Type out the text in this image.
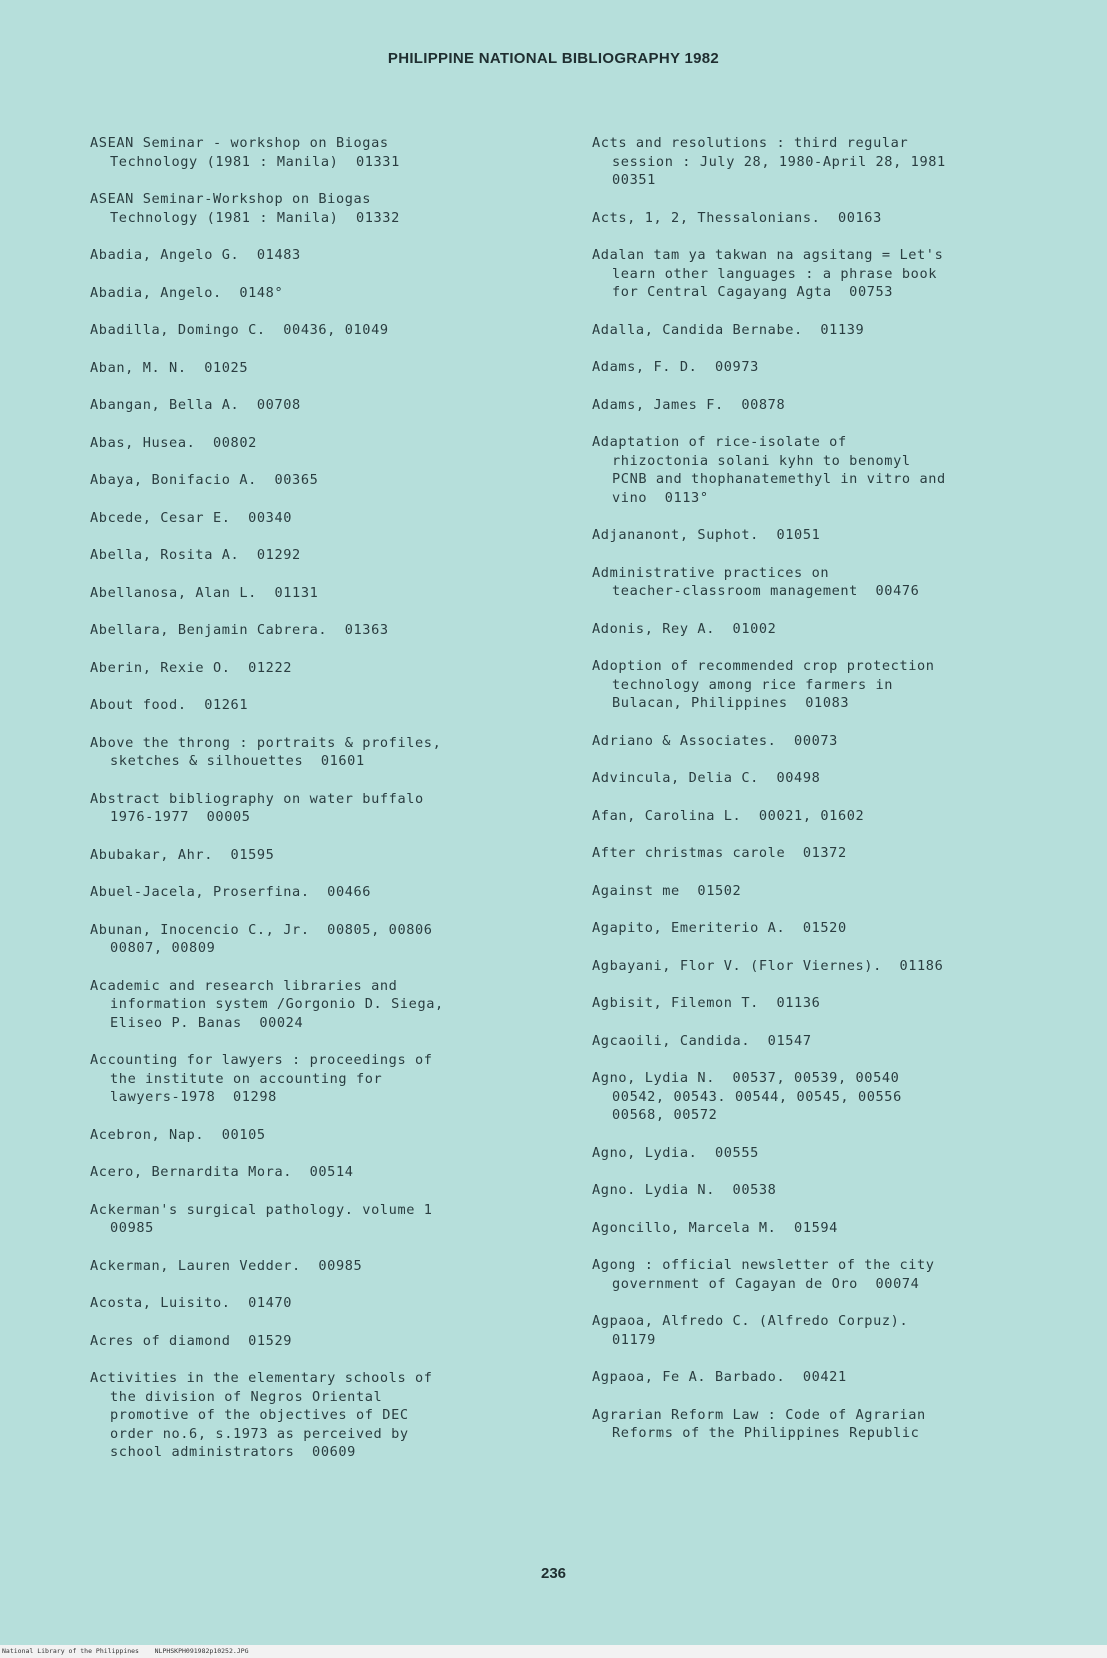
PHILIPPINE NATIONAL BIBLIOGRAPHY 1982
ASEAN Seminar - workshop on Biogas
Technology (1981 : Manila)  01331
ASEAN Seminar-Workshop on Biogas
Technology (1981 : Manila)  01332
Abadia, Angelo G.  01483
Abadia, Angelo.  0148°
Abadilla, Domingo C.  00436, 01049
Aban, M. N.  01025
Abangan, Bella A.  00708
Abas, Husea.  00802
Abaya, Bonifacio A.  00365
Abcede, Cesar E.  00340
Abella, Rosita A.  01292
Abellanosa, Alan L.  01131
Abellara, Benjamin Cabrera.  01363
Aberin, Rexie O.  01222
About food.  01261
Above the throng : portraits & profiles,
sketches & silhouettes  01601
Abstract bibliography on water buffalo
1976-1977  00005
Abubakar, Ahr.  01595
Abuel-Jacela, Proserfina.  00466
Abunan, Inocencio C., Jr.  00805, 00806
00807, 00809
Academic and research libraries and
information system /Gorgonio D. Siega,
Eliseo P. Banas  00024
Accounting for lawyers : proceedings of
the institute on accounting for
lawyers-1978  01298
Acebron, Nap.  00105
Acero, Bernardita Mora.  00514
Ackerman's surgical pathology. volume 1
00985
Ackerman, Lauren Vedder.  00985
Acosta, Luisito.  01470
Acres of diamond  01529
Activities in the elementary schools of
the division of Negros Oriental
promotive of the objectives of DEC
order no.6, s.1973 as perceived by
school administrators  00609
Acts and resolutions : third regular
session : July 28, 1980-April 28, 1981
00351
Acts, 1, 2, Thessalonians.  00163
Adalan tam ya takwan na agsitang = Let's
learn other languages : a phrase book
for Central Cagayang Agta  00753
Adalla, Candida Bernabe.  01139
Adams, F. D.  00973
Adams, James F.  00878
Adaptation of rice-isolate of
rhizoctonia solani kyhn to benomyl
PCNB and thophanatemethyl in vitro and
vino  0113°
Adjananont, Suphot.  01051
Administrative practices on
teacher-classroom management  00476
Adonis, Rey A.  01002
Adoption of recommended crop protection
technology among rice farmers in
Bulacan, Philippines  01083
Adriano & Associates.  00073
Advincula, Delia C.  00498
Afan, Carolina L.  00021, 01602
After christmas carole  01372
Against me  01502
Agapito, Emeriterio A.  01520
Agbayani, Flor V. (Flor Viernes).  01186
Agbisit, Filemon T.  01136
Agcaoili, Candida.  01547
Agno, Lydia N.  00537, 00539, 00540
00542, 00543. 00544, 00545, 00556
00568, 00572
Agno, Lydia.  00555
Agno. Lydia N.  00538
Agoncillo, Marcela M.  01594
Agong : official newsletter of the city
government of Cagayan de Oro  00074
Agpaoa, Alfredo C. (Alfredo Corpuz).
01179
Agpaoa, Fe A. Barbado.  00421
Agrarian Reform Law : Code of Agrarian
Reforms of the Philippines Republic
236
National Library of the Philippines    NLPHSKPH091982p10252.JPG
